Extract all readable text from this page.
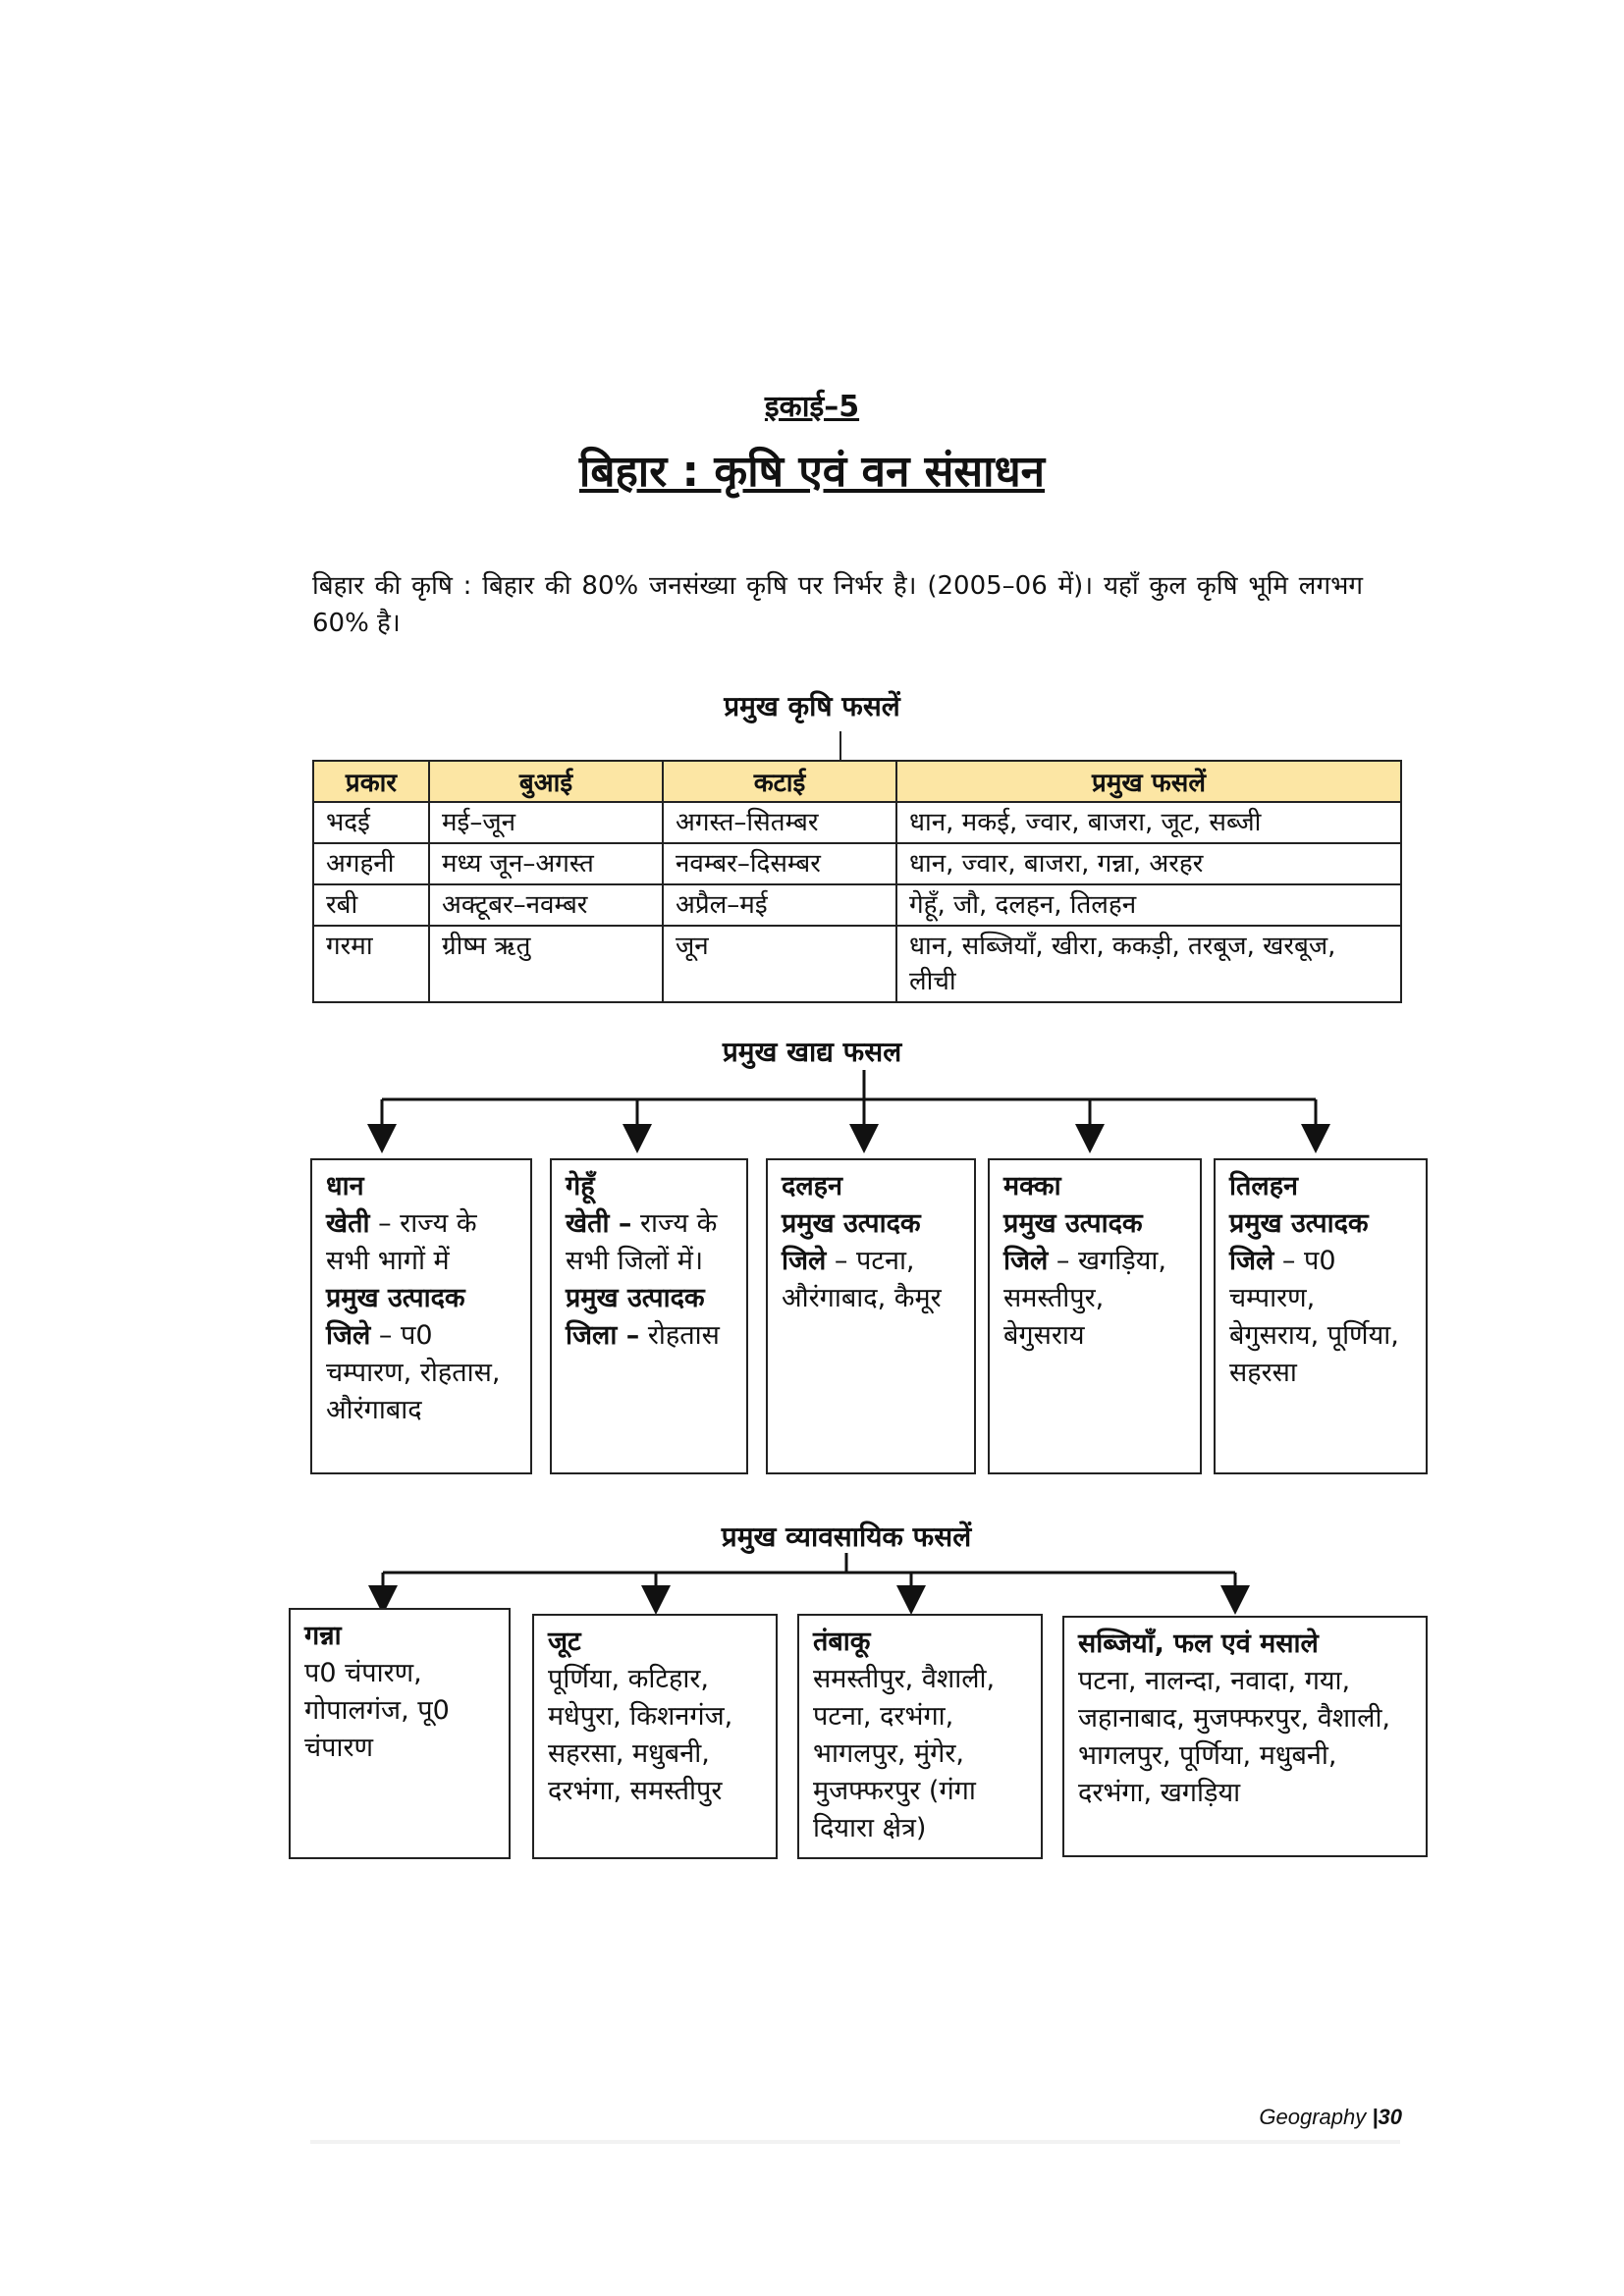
इकाई–5
बिहार : कृषि एवं वन संसाधन
बिहार की कृषि : बिहार की 80% जनसंख्या कृषि पर निर्भर है। (2005–06 में)। यहाँ कुल कृषि भूमि लगभग 60% है।
प्रमुख कृषि फसलें
प्रकार	बुआई	कटाई	प्रमुख फसलें
भदई	मई–जून	अगस्त–सितम्बर	धान, मकई, ज्वार, बाजरा, जूट, सब्जी
अगहनी	मध्य जून–अगस्त	नवम्बर–दिसम्बर	धान, ज्वार, बाजरा, गन्ना, अरहर
रबी	अक्टूबर–नवम्बर	अप्रैल–मई	गेहूँ, जौ, दलहन, तिलहन
गरमा	ग्रीष्म ऋतु	जून	धान, सब्जियाँ, खीरा, ककड़ी, तरबूज, खरबूज, लीची
प्रमुख खाद्य फसल
धान
खेती – राज्य के सभी भागों में
प्रमुख उत्पादक जिले – प0 चम्पारण, रोहतास, औरंगाबाद
गेहूँ
खेती – राज्य के सभी जिलों में।
प्रमुख उत्पादक जिला – रोहतास
दलहन
प्रमुख उत्पादक जिले – पटना, औरंगाबाद, कैमूर
मक्का
प्रमुख उत्पादक जिले – खगड़िया, समस्तीपुर, बेगुसराय
तिलहन
प्रमुख उत्पादक जिले – प0 चम्पारण, बेगुसराय, पूर्णिया, सहरसा
प्रमुख व्यावसायिक फसलें
गन्ना
प0 चंपारण, गोपालगंज, पू0 चंपारण
जूट
पूर्णिया, कटिहार, मधेपुरा, किशनगंज, सहरसा, मधुबनी, दरभंगा, समस्तीपुर
तंबाकू
समस्तीपुर, वैशाली, पटना, दरभंगा, भागलपुर, मुंगेर, मुजफ्फरपुर (गंगा दियारा क्षेत्र)
सब्जियाँ, फल एवं मसाले
पटना, नालन्दा, नवादा, गया, जहानाबाद, मुजफ्फरपुर, वैशाली, भागलपुर, पूर्णिया, मधुबनी, दरभंगा, खगड़िया
Geography |30
